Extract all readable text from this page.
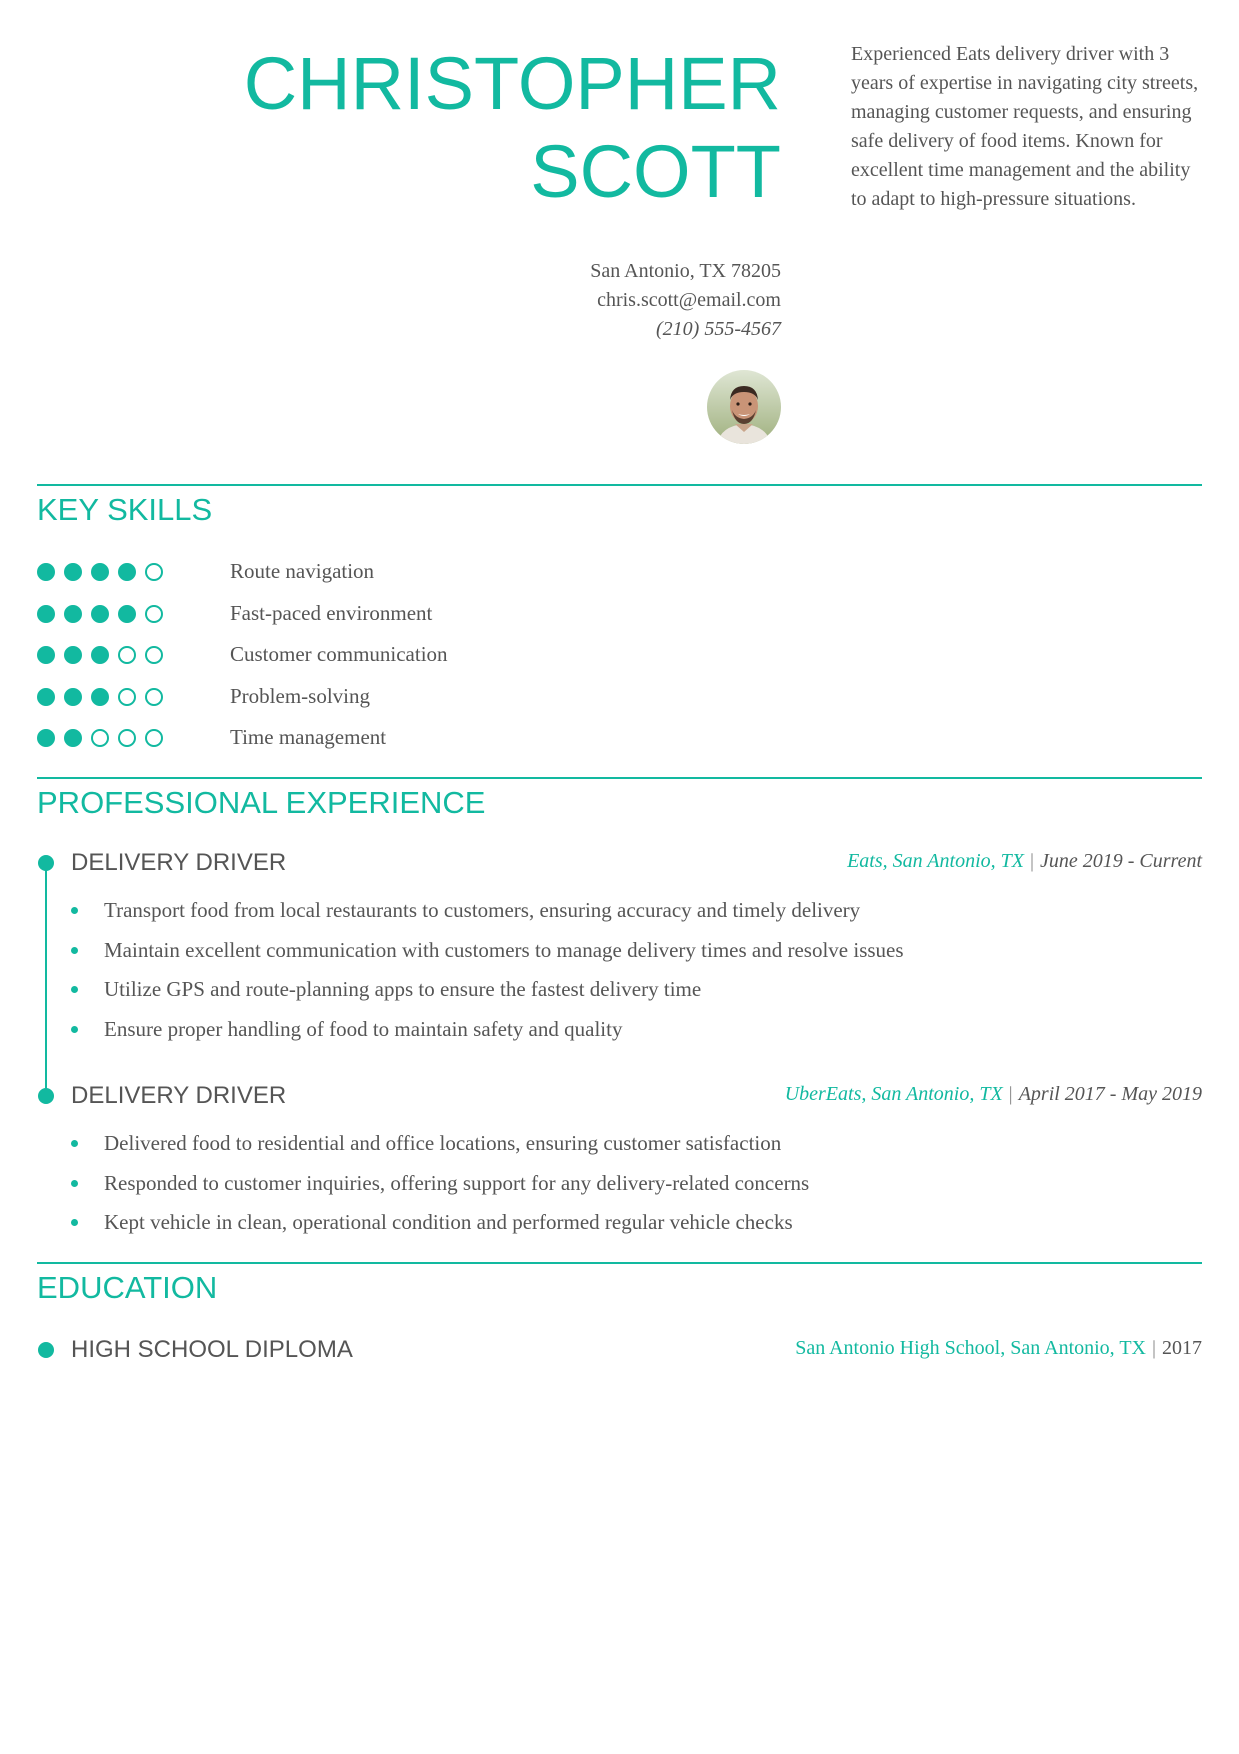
CHRISTOPHER
SCOTT
San Antonio, TX 78205
chris.scott@email.com
(210) 555-4567
Experienced Eats delivery driver with 3 years of expertise in navigating city streets, managing customer requests, and ensuring safe delivery of food items. Known for excellent time management and the ability to adapt to high-pressure situations.
KEY SKILLS
Route navigation
Fast-paced environment
Customer communication
Problem-solving
Time management
PROFESSIONAL EXPERIENCE
DELIVERY DRIVER	Eats, San Antonio, TX | June 2019 - Current
Transport food from local restaurants to customers, ensuring accuracy and timely delivery
Maintain excellent communication with customers to manage delivery times and resolve issues
Utilize GPS and route-planning apps to ensure the fastest delivery time
Ensure proper handling of food to maintain safety and quality
DELIVERY DRIVER	UberEats, San Antonio, TX | April 2017 - May 2019
Delivered food to residential and office locations, ensuring customer satisfaction
Responded to customer inquiries, offering support for any delivery-related concerns
Kept vehicle in clean, operational condition and performed regular vehicle checks
EDUCATION
HIGH SCHOOL DIPLOMA	San Antonio High School, San Antonio, TX | 2017
